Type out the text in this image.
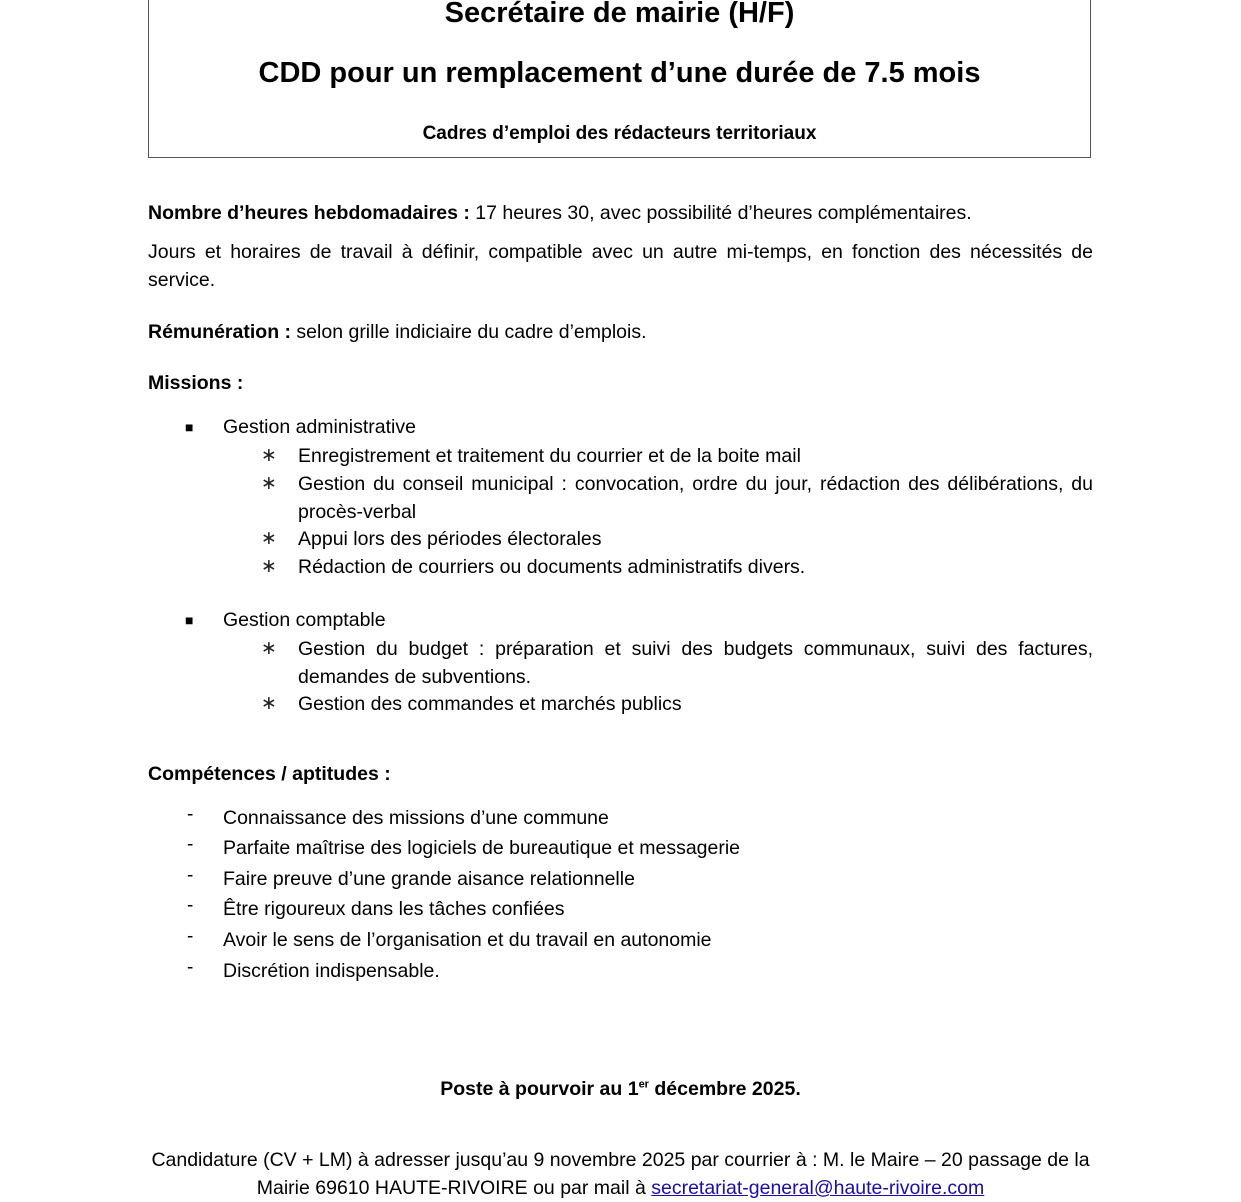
Secrétaire de mairie (H/F)
CDD pour un remplacement d’une durée de 7.5 mois
Cadres d’emploi des rédacteurs territoriaux
Nombre d’heures hebdomadaires : 17 heures 30, avec possibilité d’heures complémentaires.
Jours et horaires de travail à définir, compatible avec un autre mi-temps, en fonction des nécessités de service.
Rémunération : selon grille indiciaire du cadre d’emplois.
Missions :
■ Gestion administrative
∗ Enregistrement et traitement du courrier et de la boite mail
∗ Gestion du conseil municipal : convocation, ordre du jour, rédaction des délibérations, du procès-verbal
∗ Appui lors des périodes électorales
∗ Rédaction de courriers ou documents administratifs divers.
■ Gestion comptable
∗ Gestion du budget : préparation et suivi des budgets communaux, suivi des factures, demandes de subventions.
∗ Gestion des commandes et marchés publics
Compétences / aptitudes :
- Connaissance des missions d’une commune
- Parfaite maîtrise des logiciels de bureautique et messagerie
- Faire preuve d’une grande aisance relationnelle
- Être rigoureux dans les tâches confiées
- Avoir le sens de l’organisation et du travail en autonomie
- Discrétion indispensable.
Poste à pourvoir au 1er décembre 2025.
Candidature (CV + LM) à adresser jusqu’au 9 novembre 2025 par courrier à : M. le Maire – 20 passage de la Mairie 69610 HAUTE-RIVOIRE ou par mail à secretariat-general@haute-rivoire.com
